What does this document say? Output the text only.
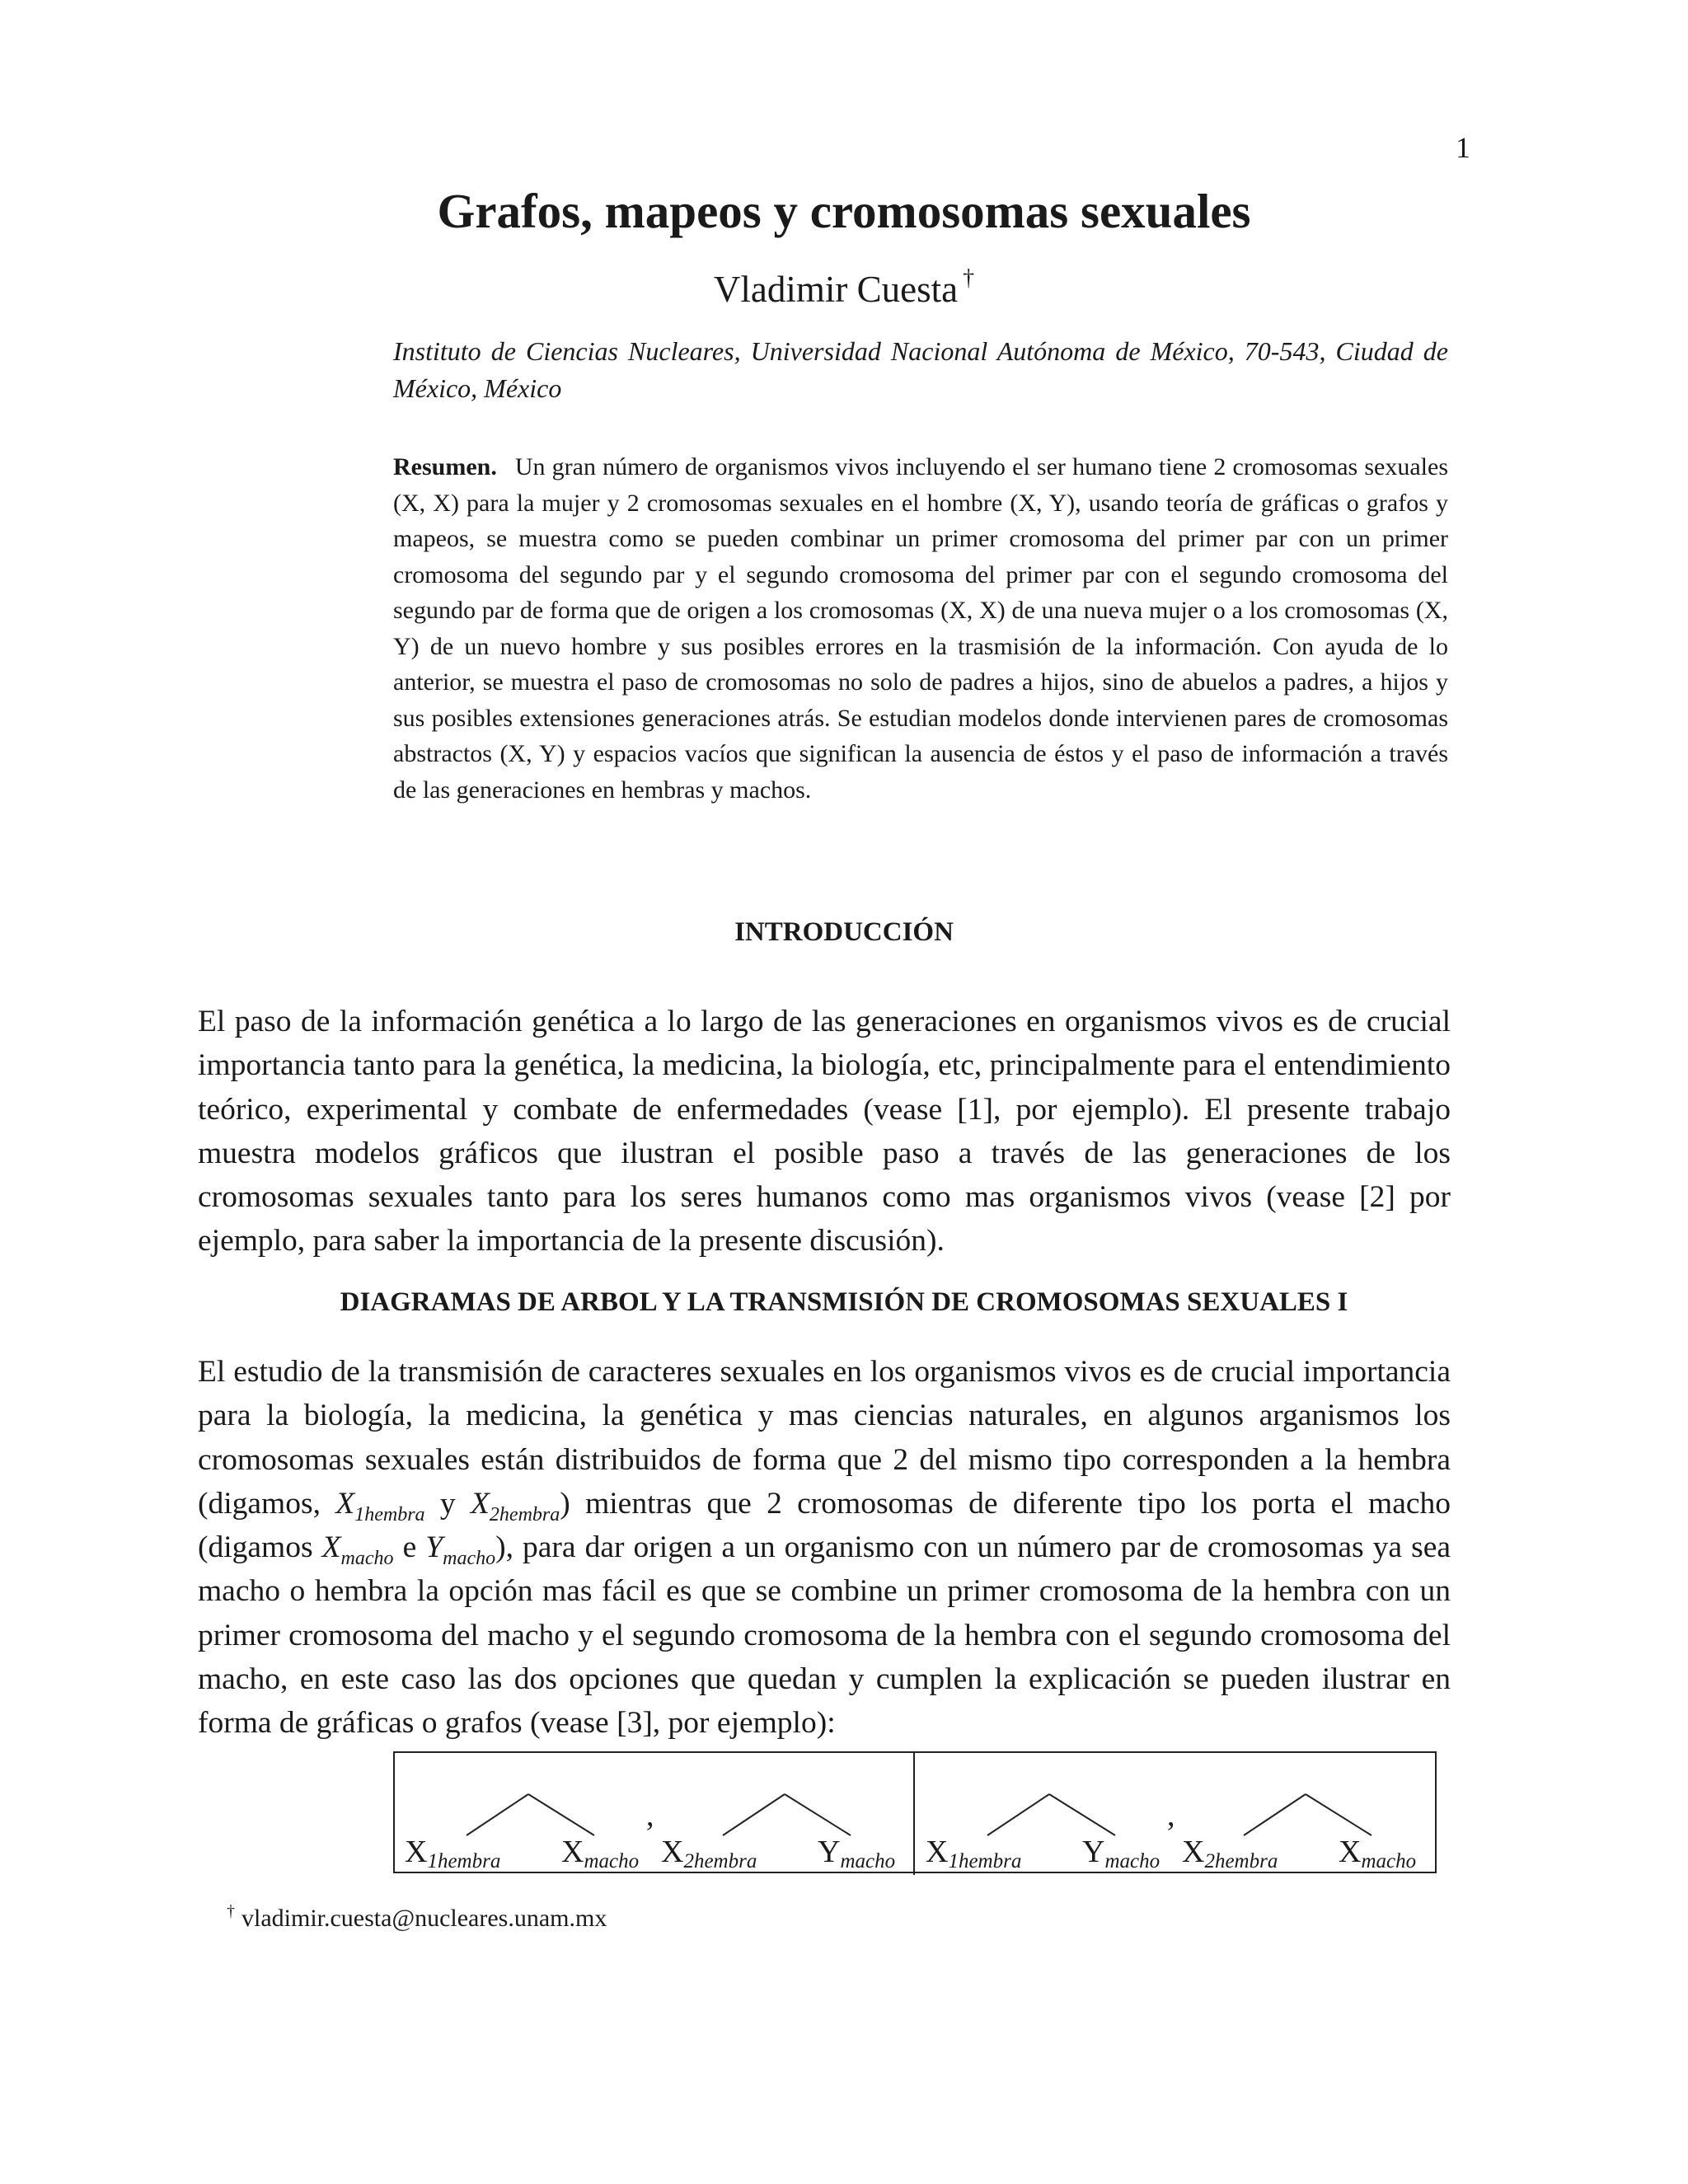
1
Grafos, mapeos y cromosomas sexuales
Vladimir Cuesta †
Instituto de Ciencias Nucleares, Universidad Nacional Autónoma de México, 70-543, Ciudad de México, México
Resumen. Un gran número de organismos vivos incluyendo el ser humano tiene 2 cromosomas sexuales (X, X) para la mujer y 2 cromosomas sexuales en el hombre (X, Y), usando teoría de gráficas o grafos y mapeos, se muestra como se pueden combinar un primer cromosoma del primer par con un primer cromosoma del segundo par y el segundo cromosoma del primer par con el segundo cromosoma del segundo par de forma que de origen a los cromosomas (X, X) de una nueva mujer o a los cromosomas (X, Y) de un nuevo hombre y sus posibles errores en la trasmisión de la información. Con ayuda de lo anterior, se muestra el paso de cromosomas no solo de padres a hijos, sino de abuelos a padres, a hijos y sus posibles extensiones generaciones atrás. Se estudian modelos donde intervienen pares de cromosomas abstractos (X, Y) y espacios vacíos que significan la ausencia de éstos y el paso de información a través de las generaciones en hembras y machos.
INTRODUCCIÓN
El paso de la información genética a lo largo de las generaciones en organismos vivos es de crucial importancia tanto para la genética, la medicina, la biología, etc, principalmente para el entendimiento teórico, experimental y combate de enfermedades (vease [1], por ejemplo). El presente trabajo muestra modelos gráficos que ilustran el posible paso a través de las generaciones de los cromosomas sexuales tanto para los seres humanos como mas organismos vivos (vease [2] por ejemplo, para saber la importancia de la presente discusión).
DIAGRAMAS DE ARBOL Y LA TRANSMISIÓN DE CROMOSOMAS SEXUALES I
El estudio de la transmisión de caracteres sexuales en los organismos vivos es de crucial importancia para la biología, la medicina, la genética y mas ciencias naturales, en algunos arganismos los cromosomas sexuales están distribuidos de forma que 2 del mismo tipo corresponden a la hembra (digamos, $X_{1hembra}$ y $X_{2hembra}$) mientras que 2 cromosomas de diferente tipo los porta el macho (digamos $X_{macho}$ e $Y_{macho}$), para dar origen a un organismo con un número par de cromosomas ya sea macho o hembra la opción mas fácil es que se combine un primer cromosoma de la hembra con un primer cromosoma del macho y el segundo cromosoma de la hembra con el segundo cromosoma del macho, en este caso las dos opciones que quedan y cumplen la explicación se pueden ilustrar en forma de gráficas o grafos (vease [3], por ejemplo):
X1hembra Xmacho X2hembra Ymacho
,
X1hembra Ymacho X2hembra Xmacho
,
† vladimir.cuesta@nucleares.unam.mx
